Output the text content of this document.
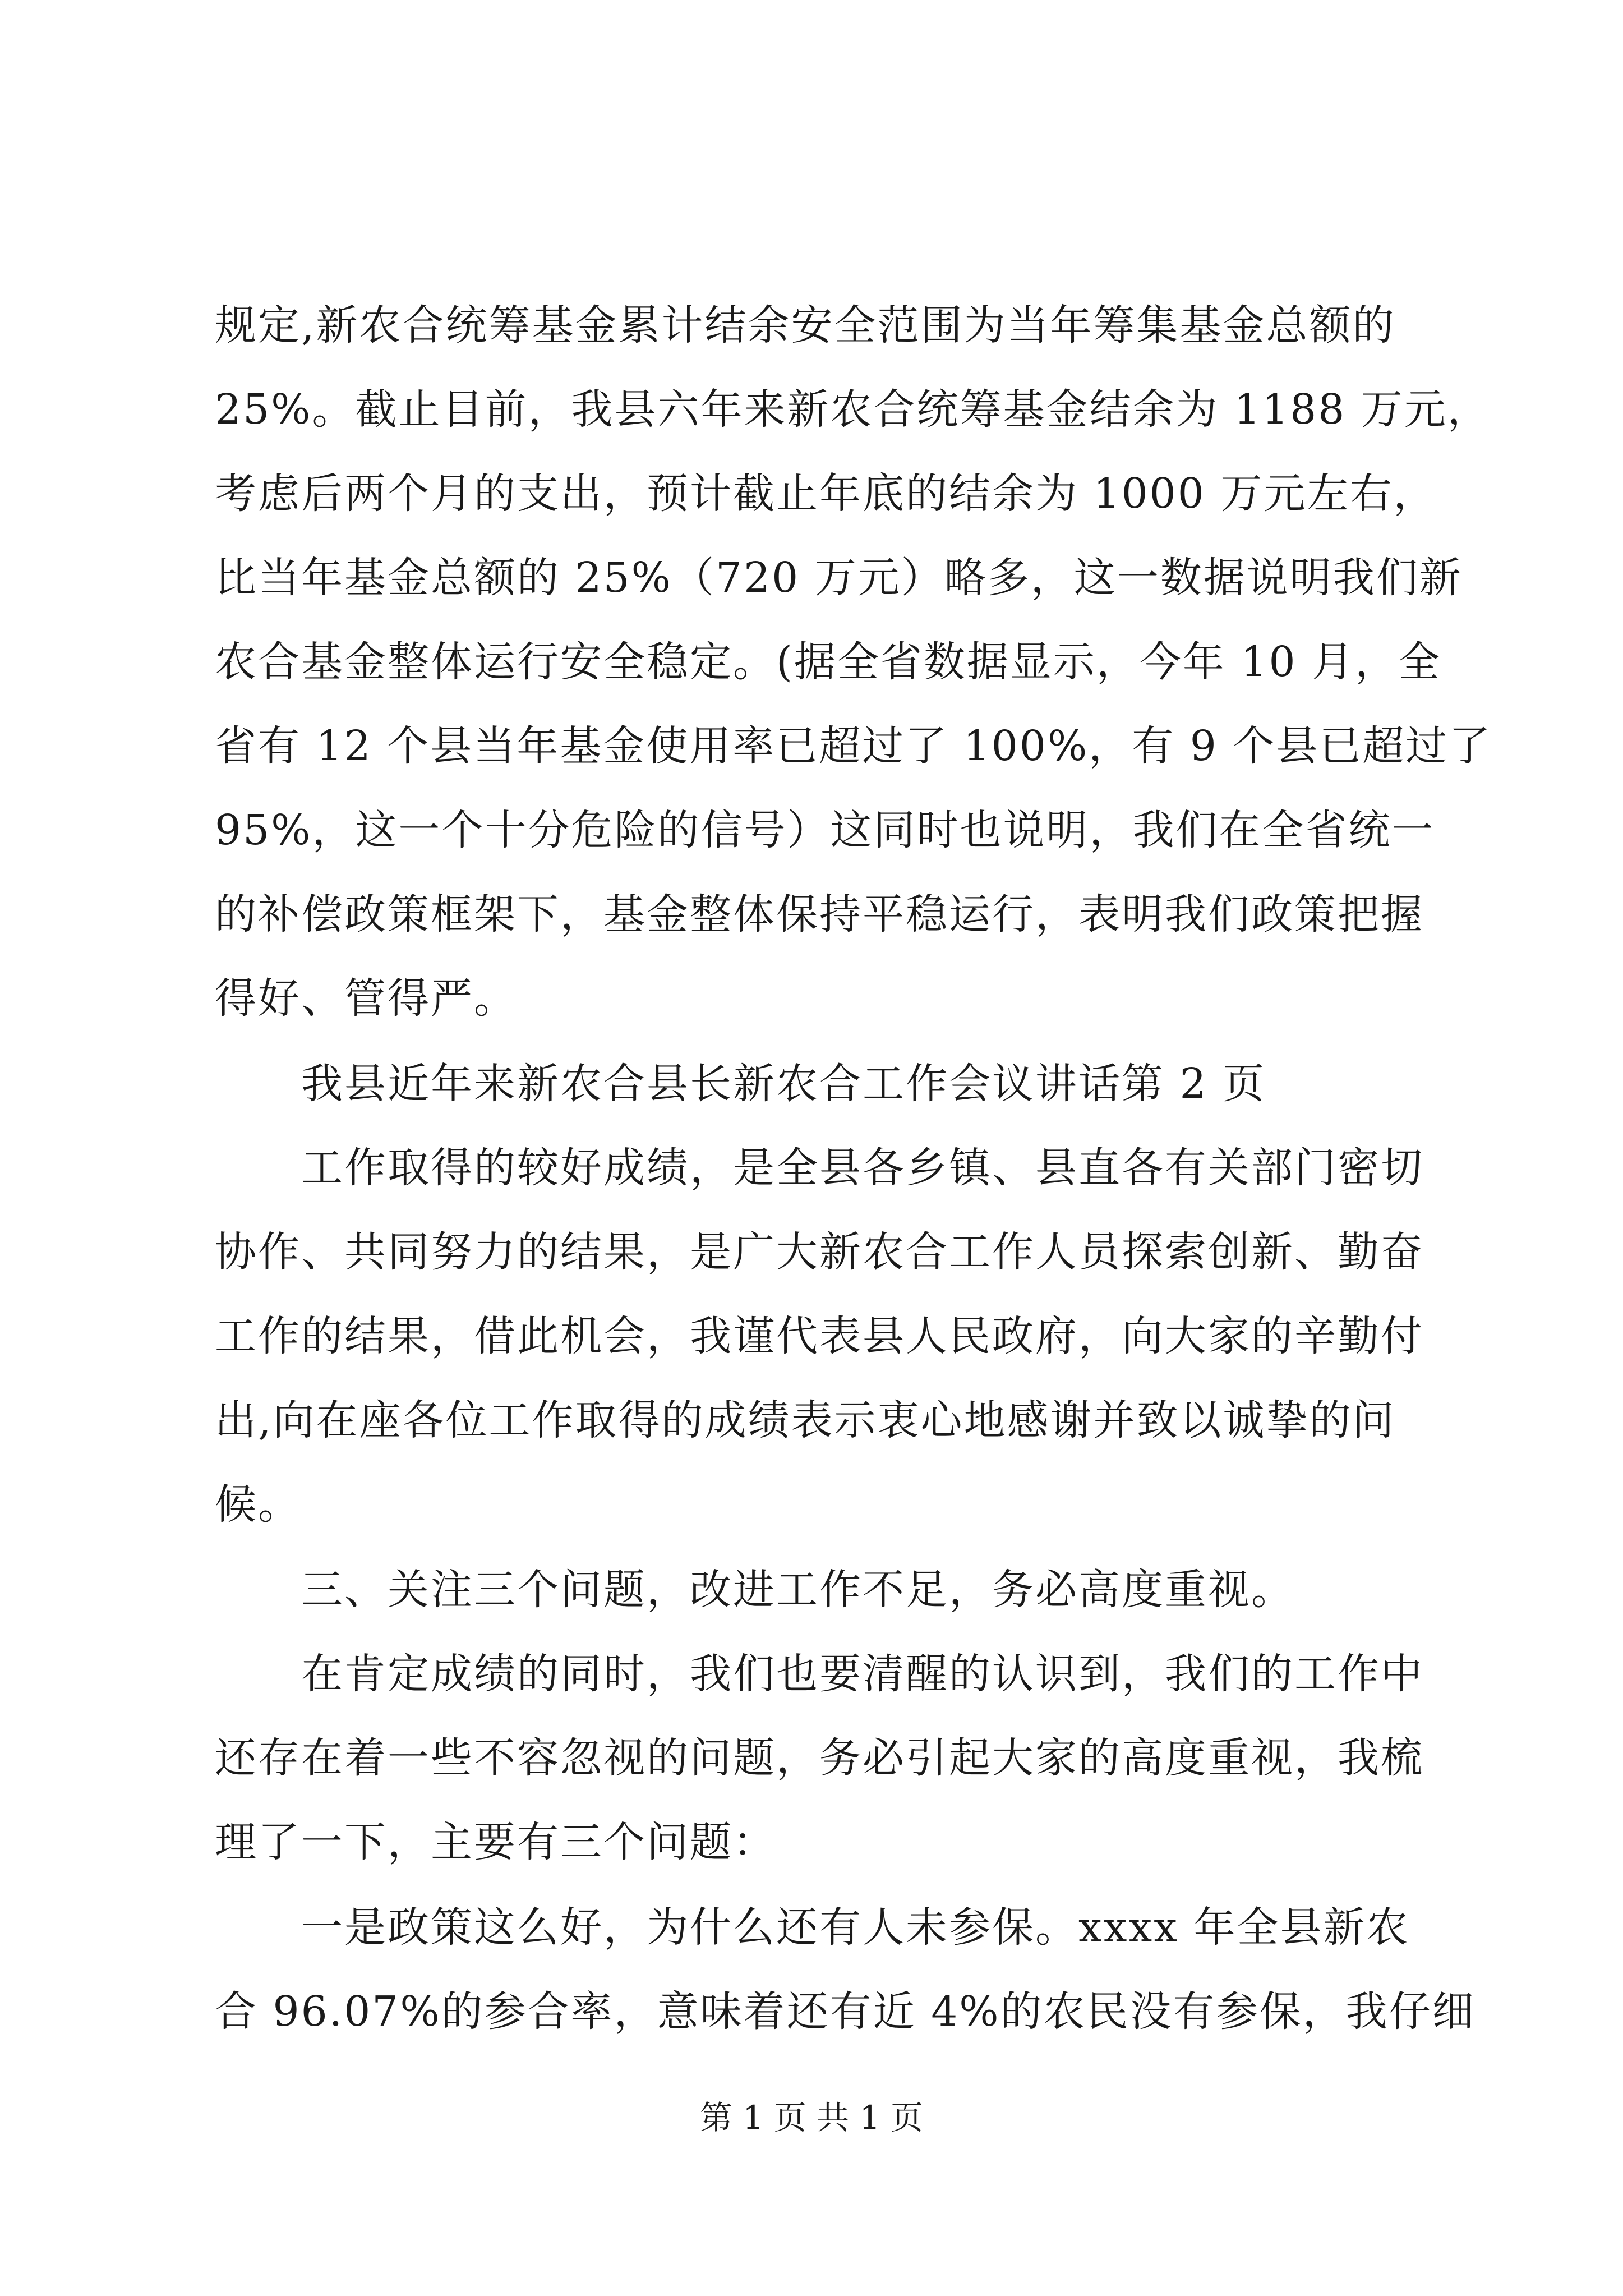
规定,新农合统筹基金累计结余安全范围为当年筹集基金总额的
25%。截止目前，我县六年来新农合统筹基金结余为 1188 万元，
考虑后两个月的支出，预计截止年底的结余为 1000 万元左右，
比当年基金总额的 25%（720 万元）略多，这一数据说明我们新
农合基金整体运行安全稳定。(据全省数据显示，今年 10 月，全
省有 12 个县当年基金使用率已超过了 100%，有 9 个县已超过了
95%，这一个十分危险的信号）这同时也说明，我们在全省统一
的补偿政策框架下，基金整体保持平稳运行，表明我们政策把握
得好、管得严。
　　我县近年来新农合县长新农合工作会议讲话第 2 页
　　工作取得的较好成绩，是全县各乡镇、县直各有关部门密切
协作、共同努力的结果，是广大新农合工作人员探索创新、勤奋
工作的结果，借此机会，我谨代表县人民政府，向大家的辛勤付
出,向在座各位工作取得的成绩表示衷心地感谢并致以诚挚的问
候。
　　三、关注三个问题，改进工作不足，务必高度重视。
　　在肯定成绩的同时，我们也要清醒的认识到，我们的工作中
还存在着一些不容忽视的问题，务必引起大家的高度重视，我梳
理了一下，主要有三个问题：
　　一是政策这么好，为什么还有人未参保。xxxx 年全县新农
合 96.07%的参合率，意味着还有近 4%的农民没有参保，我仔细
第 1 页 共 1 页
